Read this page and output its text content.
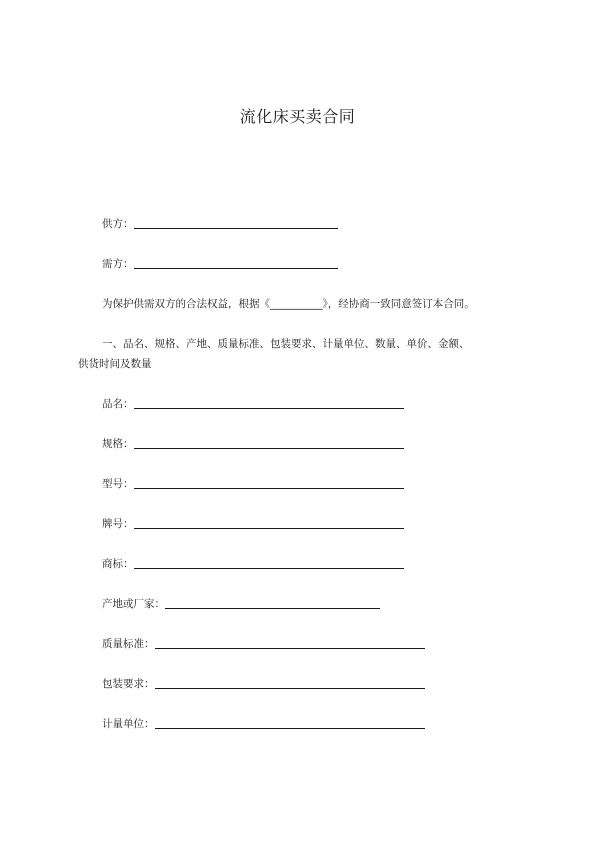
流化床买卖合同
供方：
需方：
为保护供需双方的合法权益，根据《__________》，经协商一致同意签订本合同。
一、品名、规格、产地、质量标准、包装要求、计量单位、数量、单价、金额、
供货时间及数量
品名：
规格：
型号：
牌号：
商标：
产地或厂家：
质量标准：
包装要求：
计量单位：
